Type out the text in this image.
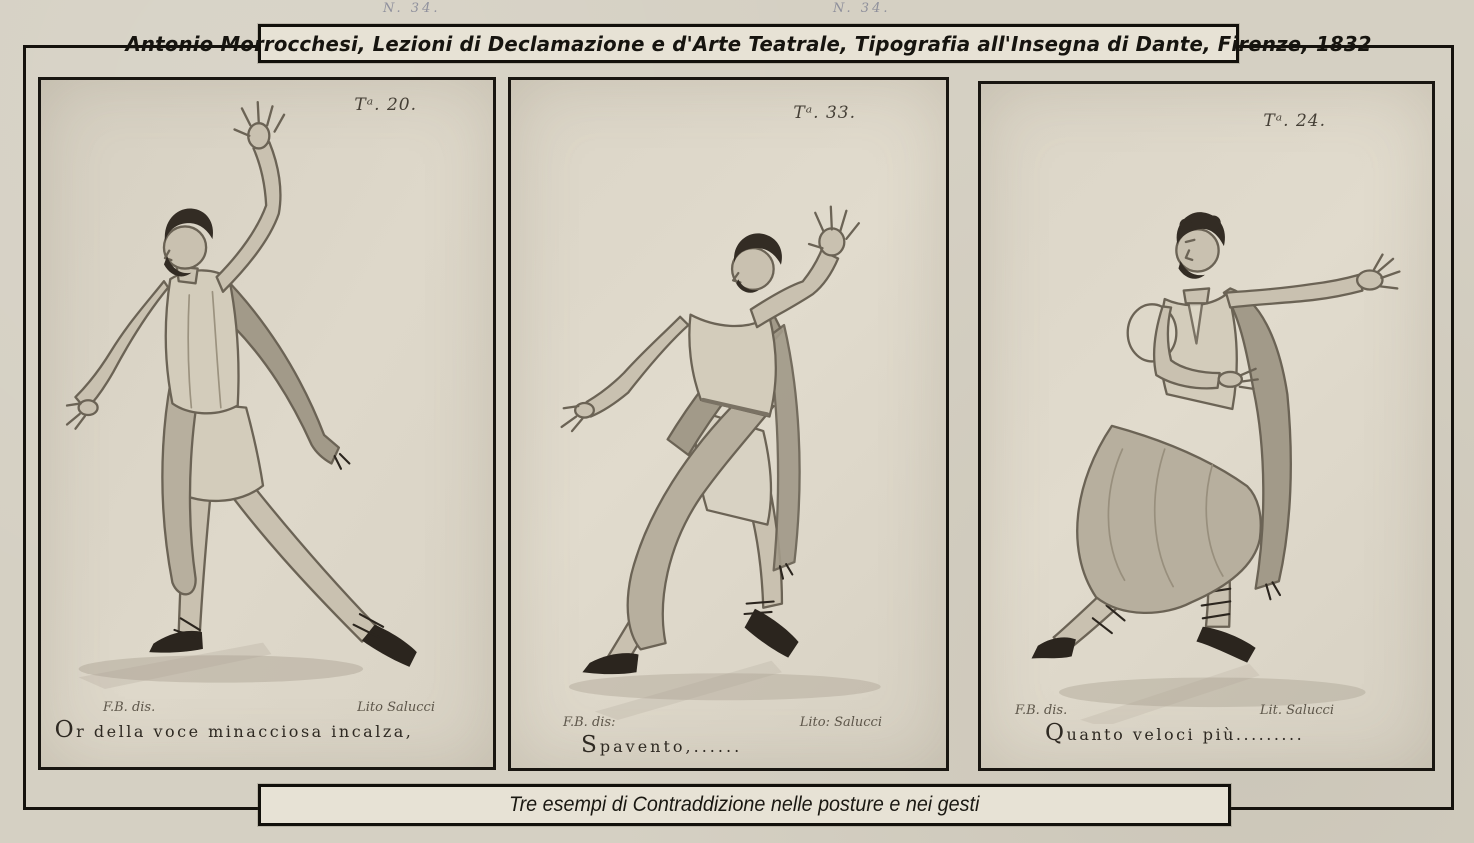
N. 34.	N. 34.
Antonio Morrocchesi, Lezioni di Declamazione e d'Arte Teatrale, Tipografia all'Insegna di Dante, Firenze, 1832
Tᵃ. 20.
F.B. dis.	Lito Salucci
Or della voce minacciosa incalza,
Tᵃ. 33.
F.B. dis:	Lito: Salucci
Spavento,......
Tᵃ. 24.
F.B. dis.	Lit. Salucci
Quanto veloci più.........
Tre esempi di Contraddizione nelle posture e nei gesti
